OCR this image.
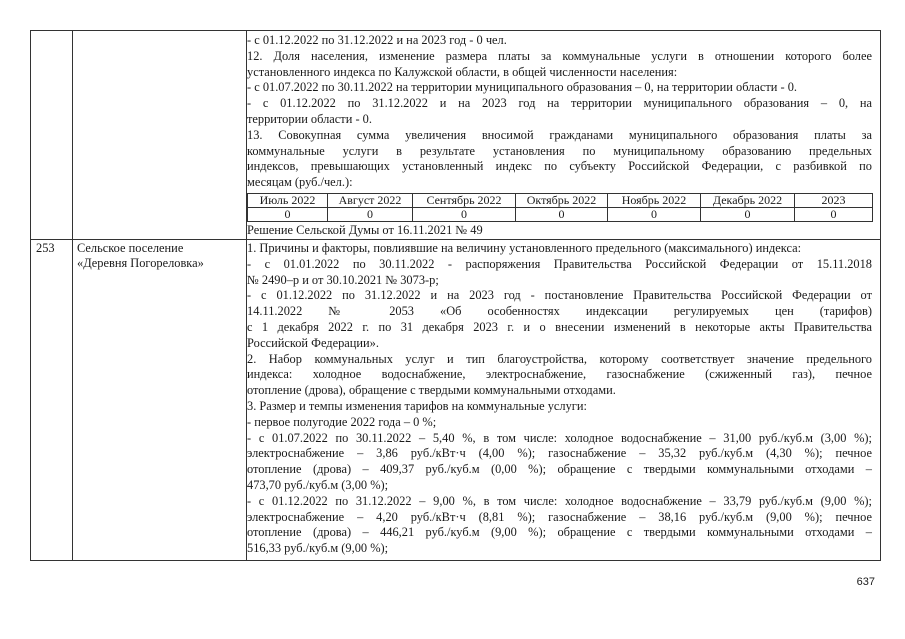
- с 01.12.2022 по 31.12.2022 и на 2023 год - 0 чел.
12. Доля населения, изменение размера платы за коммунальные услуги в отношении которого более
установленного индекса по Калужской области, в общей численности населения:
- с 01.07.2022 по 30.11.2022 на территории муниципального образования – 0, на территории области - 0.
- с 01.12.2022 по 31.12.2022 и на 2023 год на территории муниципального образования – 0, на
территории области - 0.
13. Совокупная сумма увеличения вносимой гражданами муниципального образования платы за
коммунальные услуги в результате установления по муниципальному образованию предельных
индексов, превышающих установленный индекс по субъекту Российской Федерации, с разбивкой по
месяцам (руб./чел.):
Июль 2022	Август 2022	Сентябрь 2022	Октябрь 2022	Ноябрь 2022	Декабрь 2022	2023
0	0	0	0	0	0	0
Решение Сельской Думы от 16.11.2021 № 49
253 Сельское поселение
«Деревня Погореловка»
1. Причины и факторы, повлиявшие на величину установленного предельного (максимального) индекса:
- с 01.01.2022 по 30.11.2022 - распоряжения Правительства Российской Федерации от 15.11.2018
№ 2490–р и от 30.10.2021 № 3073-р;
- с 01.12.2022 по 31.12.2022 и на 2023 год - постановление Правительства Российской Федерации от
14.11.2022 № 2053 «Об особенностях индексации регулируемых цен (тарифов)
с 1 декабря 2022 г. по 31 декабря 2023 г. и о внесении изменений в некоторые акты Правительства
Российской Федерации».
2. Набор коммунальных услуг и тип благоустройства, которому соответствует значение предельного
индекса: холодное водоснабжение, электроснабжение, газоснабжение (сжиженный газ), печное
отопление (дрова), обращение с твердыми коммунальными отходами.
3. Размер и темпы изменения тарифов на коммунальные услуги:
- первое полугодие 2022 года – 0 %;
- с 01.07.2022 по 30.11.2022 – 5,40 %, в том числе: холодное водоснабжение – 31,00 руб./куб.м (3,00 %);
электроснабжение – 3,86 руб./кВт·ч (4,00 %); газоснабжение – 35,32 руб./куб.м (4,30 %); печное
отопление (дрова) – 409,37 руб./куб.м (0,00 %); обращение с твердыми коммунальными отходами –
473,70 руб./куб.м (3,00 %);
- с 01.12.2022 по 31.12.2022 – 9,00 %, в том числе: холодное водоснабжение – 33,79 руб./куб.м (9,00 %);
электроснабжение – 4,20 руб./кВт·ч (8,81 %); газоснабжение – 38,16 руб./куб.м (9,00 %); печное
отопление (дрова) – 446,21 руб./куб.м (9,00 %); обращение с твердыми коммунальными отходами –
516,33 руб./куб.м (9,00 %);
637
